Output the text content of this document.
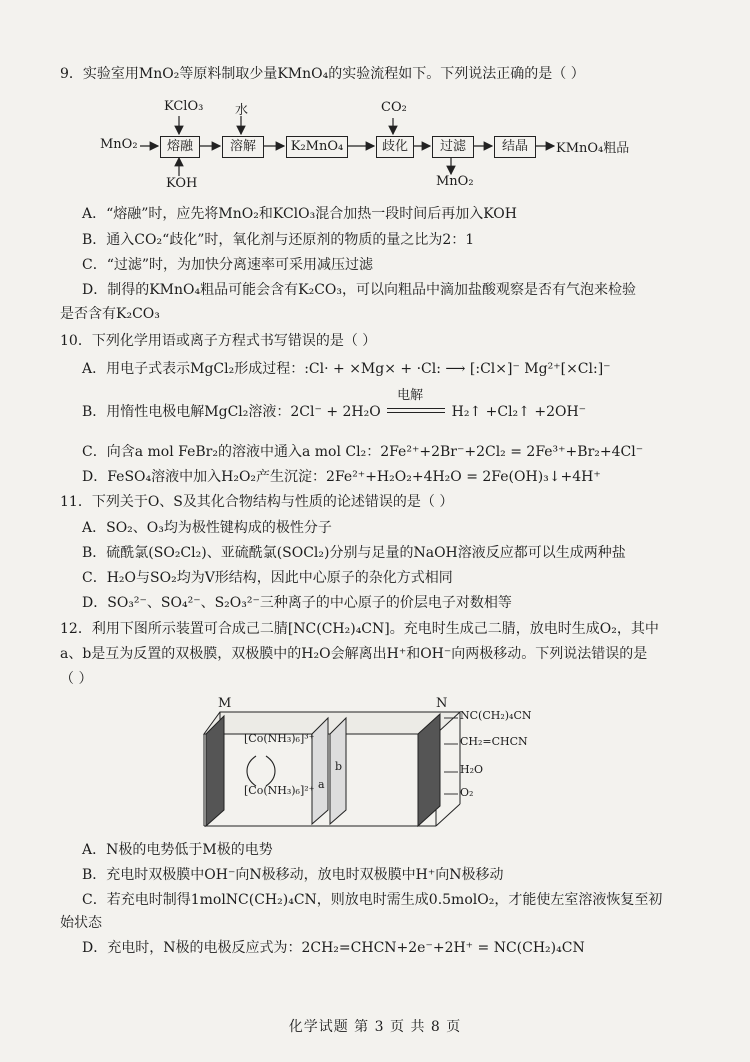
9．实验室用MnO₂等原料制取少量KMnO₄的实验流程如下。下列说法正确的是（ ）
MnO₂	熔融	溶解	K₂MnO₄	歧化	过滤	结晶	KMnO₄粗品
KClO₃ 水
KOH
CO₂
MnO₂
A．“熔融”时，应先将MnO₂和KClO₃混合加热一段时间后再加入KOH
B．通入CO₂“歧化”时，氧化剂与还原剂的物质的量之比为2：1
C．“过滤”时，为加快分离速率可采用减压过滤
D．制得的KMnO₄粗品可能会含有K₂CO₃，可以向粗品中滴加盐酸观察是否有气泡来检验
是否含有K₂CO₃
10．下列化学用语或离子方程式书写错误的是（ ）
A．用电子式表示MgCl₂形成过程：:Cl· + ×Mg× + ·Cl: ⟶ [:Cl×]⁻ Mg²⁺[×Cl:]⁻
B．用惰性电极电解MgCl₂溶液：2Cl⁻ + 2H₂O
电解
H₂↑ +Cl₂↑ +2OH⁻
C．向含a mol FeBr₂的溶液中通入a mol Cl₂：2Fe²⁺+2Br⁻+2Cl₂ = 2Fe³⁺+Br₂+4Cl⁻
D．FeSO₄溶液中加入H₂O₂产生沉淀：2Fe²⁺+H₂O₂+4H₂O = 2Fe(OH)₃↓+4H⁺
11．下列关于O、S及其化合物结构与性质的论述错误的是（ ）
A．SO₂、O₃均为极性键构成的极性分子
B．硫酰氯(SO₂Cl₂)、亚硫酰氯(SOCl₂)分别与足量的NaOH溶液反应都可以生成两种盐
C．H₂O与SO₂均为V形结构，因此中心原子的杂化方式相同
D．SO₃²⁻、SO₄²⁻、S₂O₃²⁻三种离子的中心原子的价层电子对数相等
12．利用下图所示装置可合成己二腈[NC(CH₂)₄CN]。充电时生成己二腈，放电时生成O₂，其中
a、b是互为反置的双极膜，双极膜中的H₂O会解离出H⁺和OH⁻向两极移动。下列说法错误的是
（ ）
M	N
[Co(NH₃)₆]³⁺
[Co(NH₃)₆]²⁺ a
b
NC(CH₂)₄CN
CH₂=CHCN
H₂O
O₂
A．N极的电势低于M极的电势
B．充电时双极膜中OH⁻向N极移动，放电时双极膜中H⁺向N极移动
C．若充电时制得1molNC(CH₂)₄CN，则放电时需生成0.5molO₂，才能使左室溶液恢复至初
始状态
D．充电时，N极的电极反应式为：2CH₂=CHCN+2e⁻+2H⁺ = NC(CH₂)₄CN
化学试题 第 3 页 共 8 页
